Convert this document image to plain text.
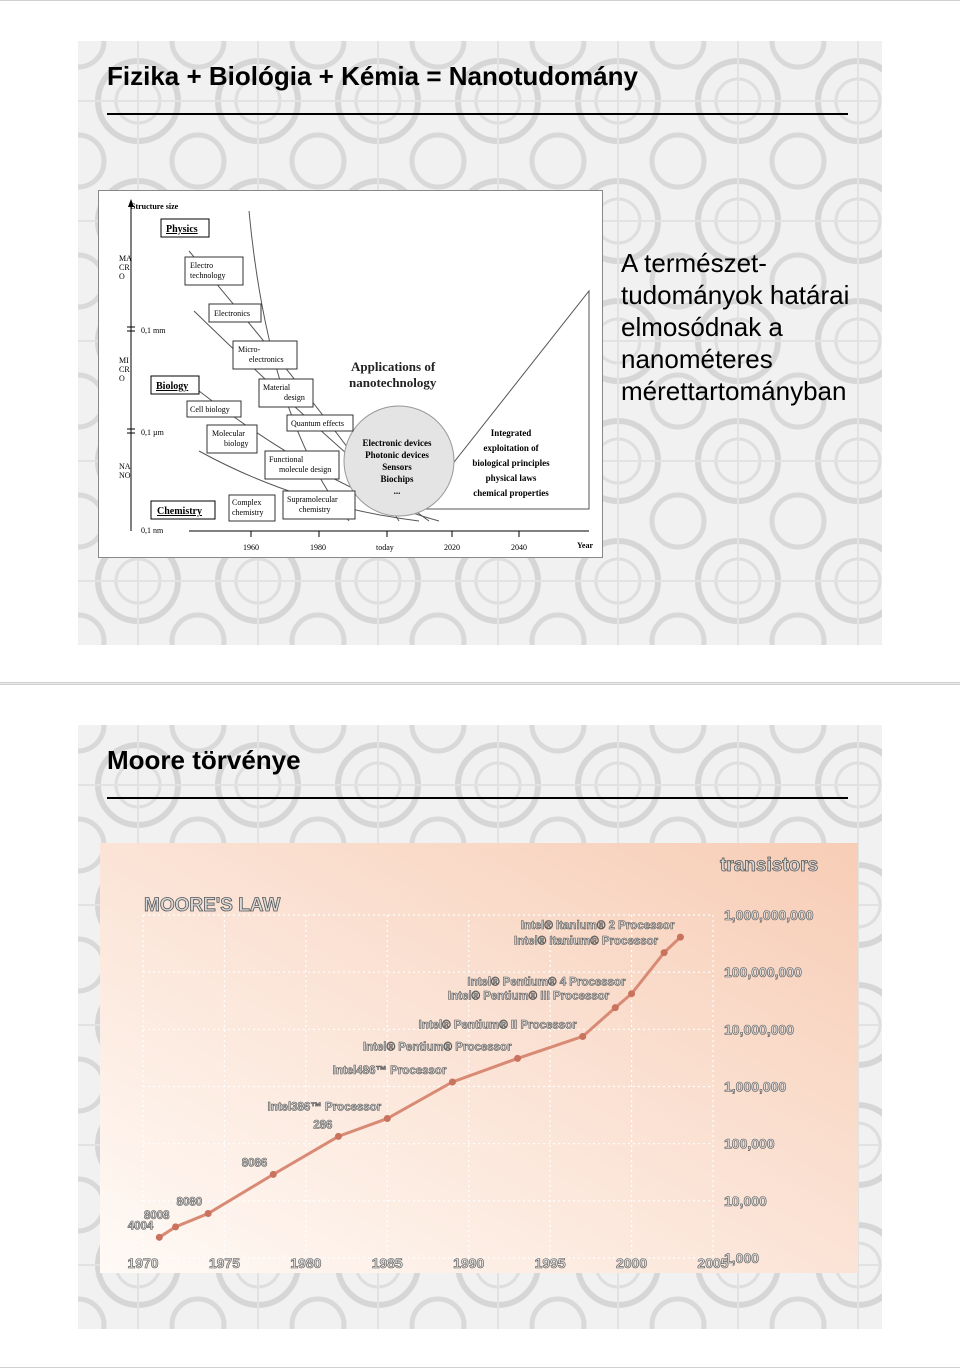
Fizika + Biológia + Kémia = Nanotudomány
Structure size
MA CR O
MI CR O
NA NO
0,1 mm
0,1 µm
0,1 nm
Physics
Biology
Chemistry
Electro technology
Electronics
Micro-electronics
Material design
Cell biology
Quantum effects
Molecular biology
Functional molecule design
Complex chemistry
Supramolecular chemistry
Applications of nanotechnology
Electronic devices Photonic devices Sensors Biochips ...
Integrated exploitation of biological principles physical laws chemical properties
1960	1980	today	2020	2040	Year
A természet-
tudományok határai
elmosódnak a
nanométeres
mérettartományban
Moore törvénye
MOORE'S LAW
transistors
1,000
10,000
100,000
1,000,000
10,000,000
100,000,000
1,000,000,000
1970	1975	1980	1985	1990	1995	2000	2005
4004
8008
8080
8086
286
Intel386™ Processor
Intel486™ Processor
Intel® Pentium® Processor
Intel® Pentium® II Processor
Intel® Pentium® III Processor
Intel® Pentium® 4 Processor
Intel® Itanium® Processor
Intel® Itanium® 2 Processor
